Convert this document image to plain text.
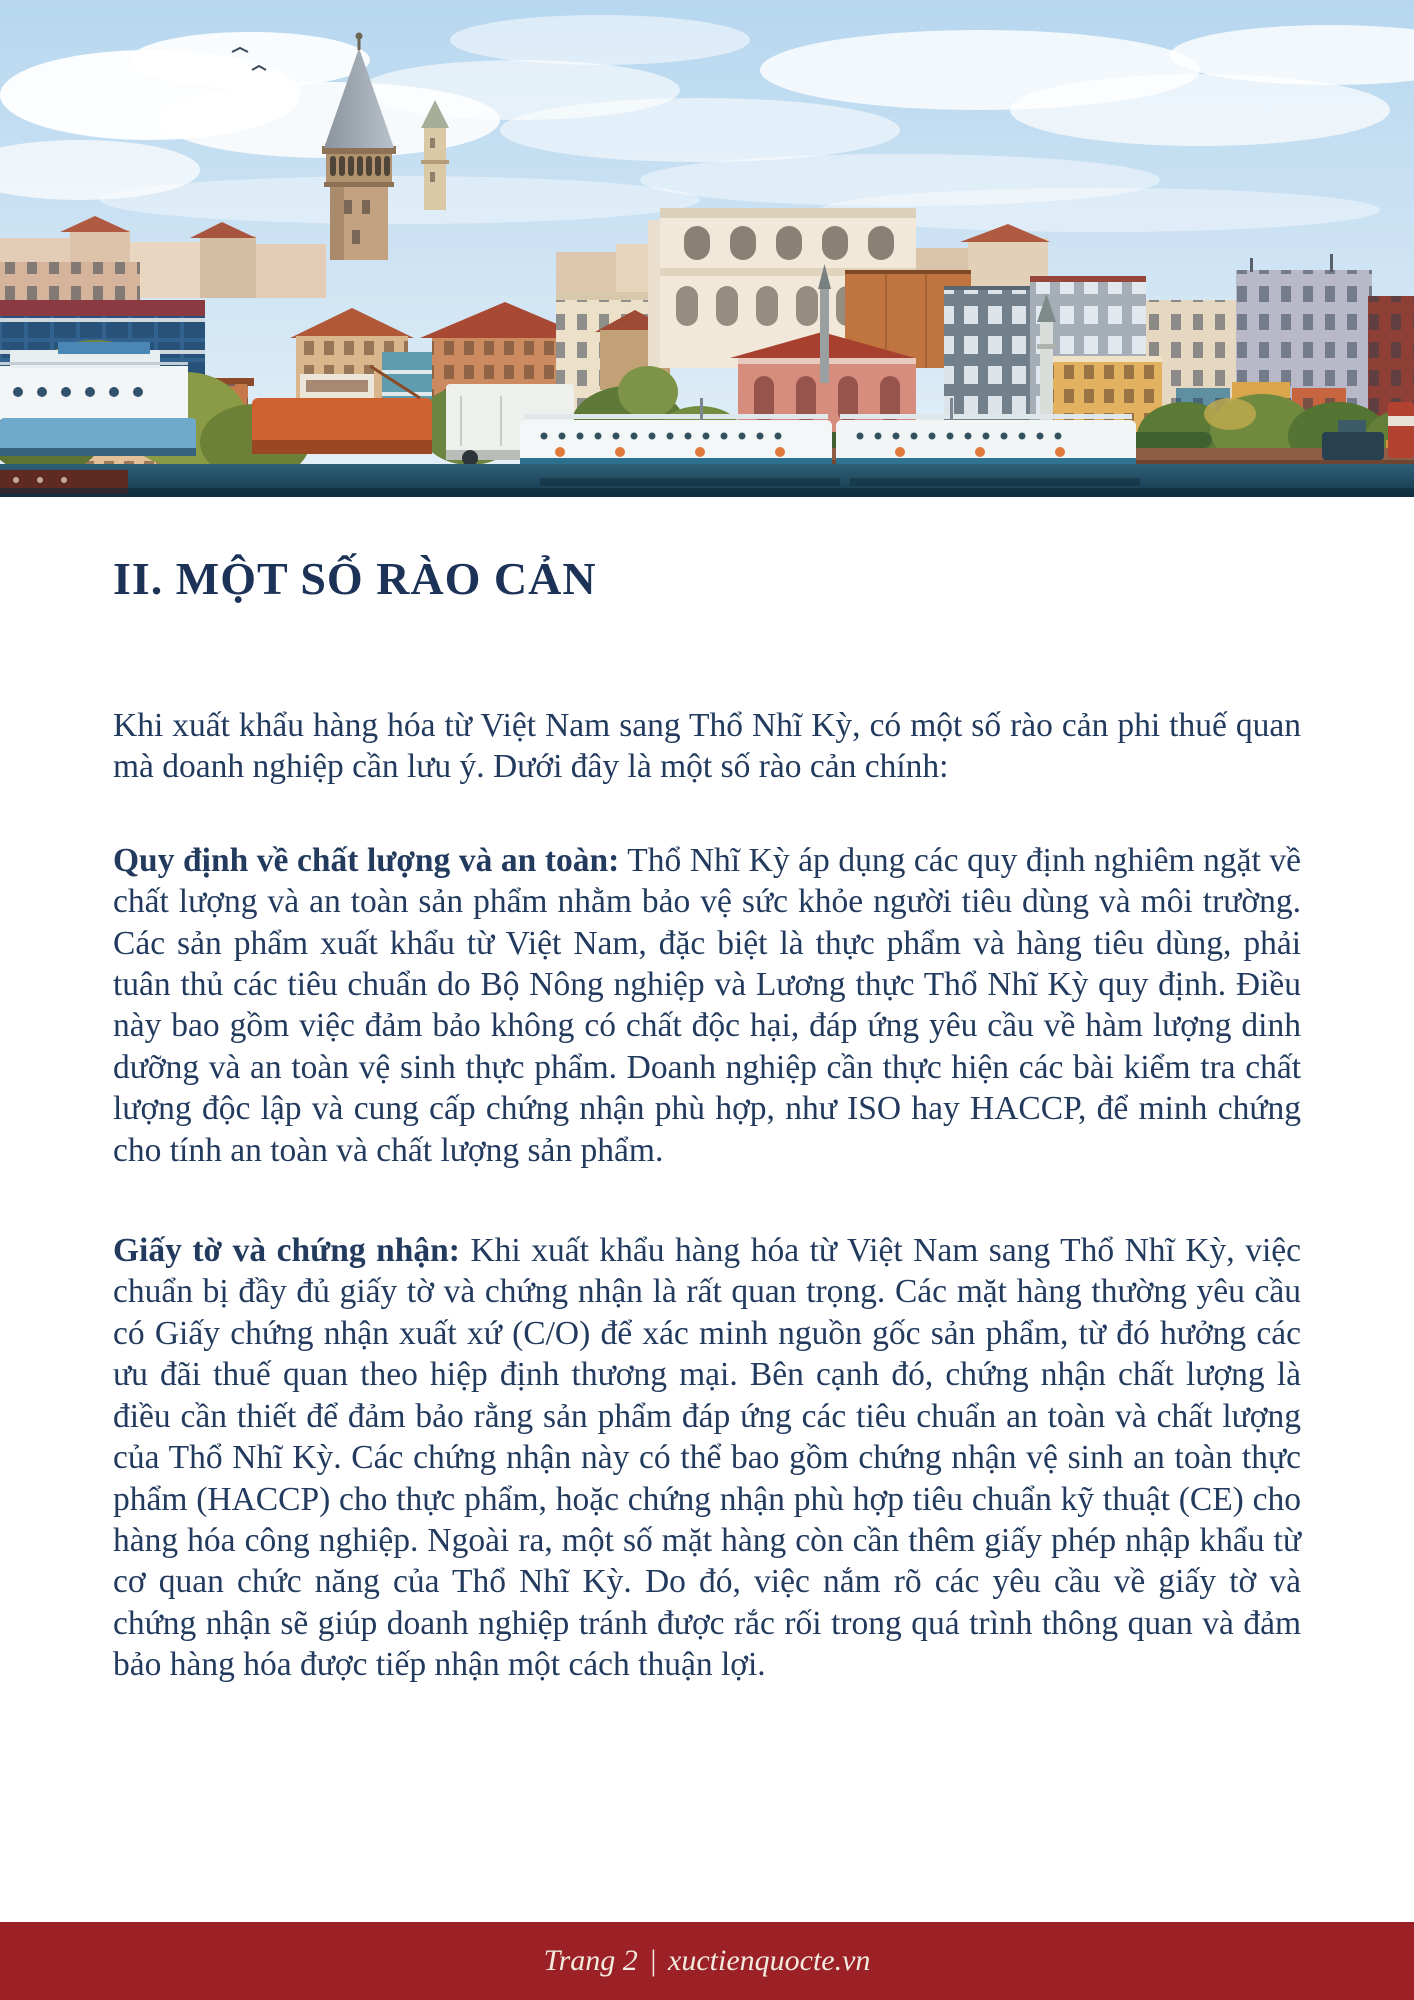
II. MỘT SỐ RÀO CẢN

Khi xuất khẩu hàng hóa từ Việt Nam sang Thổ Nhĩ Kỳ, có một số rào cản phi thuế quan mà doanh nghiệp cần lưu ý. Dưới đây là một số rào cản chính:

Quy định về chất lượng và an toàn: Thổ Nhĩ Kỳ áp dụng các quy định nghiêm ngặt về chất lượng và an toàn sản phẩm nhằm bảo vệ sức khỏe người tiêu dùng và môi trường. Các sản phẩm xuất khẩu từ Việt Nam, đặc biệt là thực phẩm và hàng tiêu dùng, phải tuân thủ các tiêu chuẩn do Bộ Nông nghiệp và Lương thực Thổ Nhĩ Kỳ quy định. Điều này bao gồm việc đảm bảo không có chất độc hại, đáp ứng yêu cầu về hàm lượng dinh dưỡng và an toàn vệ sinh thực phẩm. Doanh nghiệp cần thực hiện các bài kiểm tra chất lượng độc lập và cung cấp chứng nhận phù hợp, như ISO hay HACCP, để minh chứng cho tính an toàn và chất lượng sản phẩm.

Giấy tờ và chứng nhận: Khi xuất khẩu hàng hóa từ Việt Nam sang Thổ Nhĩ Kỳ, việc chuẩn bị đầy đủ giấy tờ và chứng nhận là rất quan trọng. Các mặt hàng thường yêu cầu có Giấy chứng nhận xuất xứ (C/O) để xác minh nguồn gốc sản phẩm, từ đó hưởng các ưu đãi thuế quan theo hiệp định thương mại. Bên cạnh đó, chứng nhận chất lượng là điều cần thiết để đảm bảo rằng sản phẩm đáp ứng các tiêu chuẩn an toàn và chất lượng của Thổ Nhĩ Kỳ. Các chứng nhận này có thể bao gồm chứng nhận vệ sinh an toàn thực phẩm (HACCP) cho thực phẩm, hoặc chứng nhận phù hợp tiêu chuẩn kỹ thuật (CE) cho hàng hóa công nghiệp. Ngoài ra, một số mặt hàng còn cần thêm giấy phép nhập khẩu từ cơ quan chức năng của Thổ Nhĩ Kỳ. Do đó, việc nắm rõ các yêu cầu về giấy tờ và chứng nhận sẽ giúp doanh nghiệp tránh được rắc rối trong quá trình thông quan và đảm bảo hàng hóa được tiếp nhận một cách thuận lợi.

Trang 2 | xuctienquocte.vn
